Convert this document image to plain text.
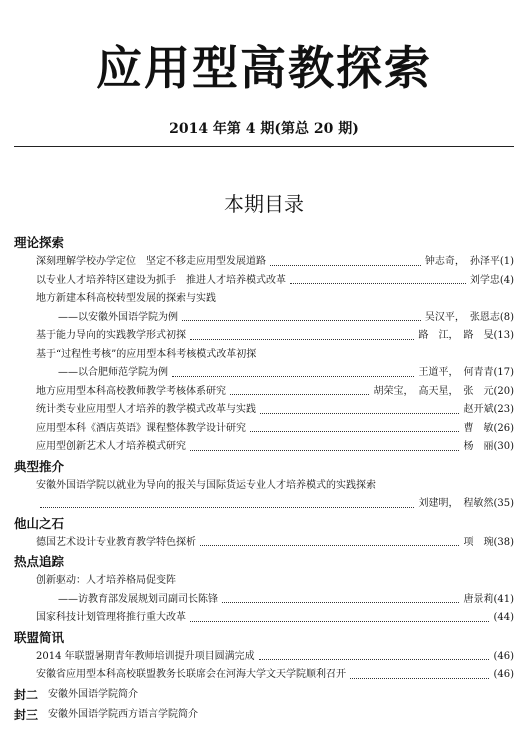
应用型高教探索
2014 年第 4 期(第总 20 期)
本期目录
理论探索
深刻理解学校办学定位　坚定不移走应用型发展道路	钟志奇，　孙泽平 (1)
以专业人才培养特区建设为抓手　推进人才培养模式改革	刘学忠 (4)
地方新建本科高校转型发展的探索与实践
——以安徽外国语学院为例	吴汉平，　张恩志 (8)
基于能力导向的实践教学形式初探	路　江，　路　旻 (13)
基于“过程性考核”的应用型本科考核模式改革初探
——以合肥师范学院为例	王道平，　何青青 (17)
地方应用型本科高校教师教学考核体系研究	胡荣宝，　高天星，　张　元 (20)
统计类专业应用型人才培养的教学模式改革与实践	赵开斌 (23)
应用型本科《酒店英语》课程整体教学设计研究	曹　敏 (26)
应用型创新艺术人才培养模式研究	杨　丽 (30)
典型推介
安徽外国语学院以就业为导向的报关与国际货运专业人才培养模式的实践探索
刘建明，　程敏然 (35)
他山之石
德国艺术设计专业教育教学特色探析	项　琬 (38)
热点追踪
创新驱动：人才培养格局促变阵
——访教育部发展规划司副司长陈锋	唐景莉 (41)
国家科技计划管理将推行重大改革	(44)
联盟简讯
2014 年联盟暑期青年教师培训提升项目圆满完成	(46)
安徽省应用型本科高校联盟教务长联席会在河海大学文天学院顺利召开	(46)
封二 安徽外国语学院简介
封三 安徽外国语学院西方语言学院简介
